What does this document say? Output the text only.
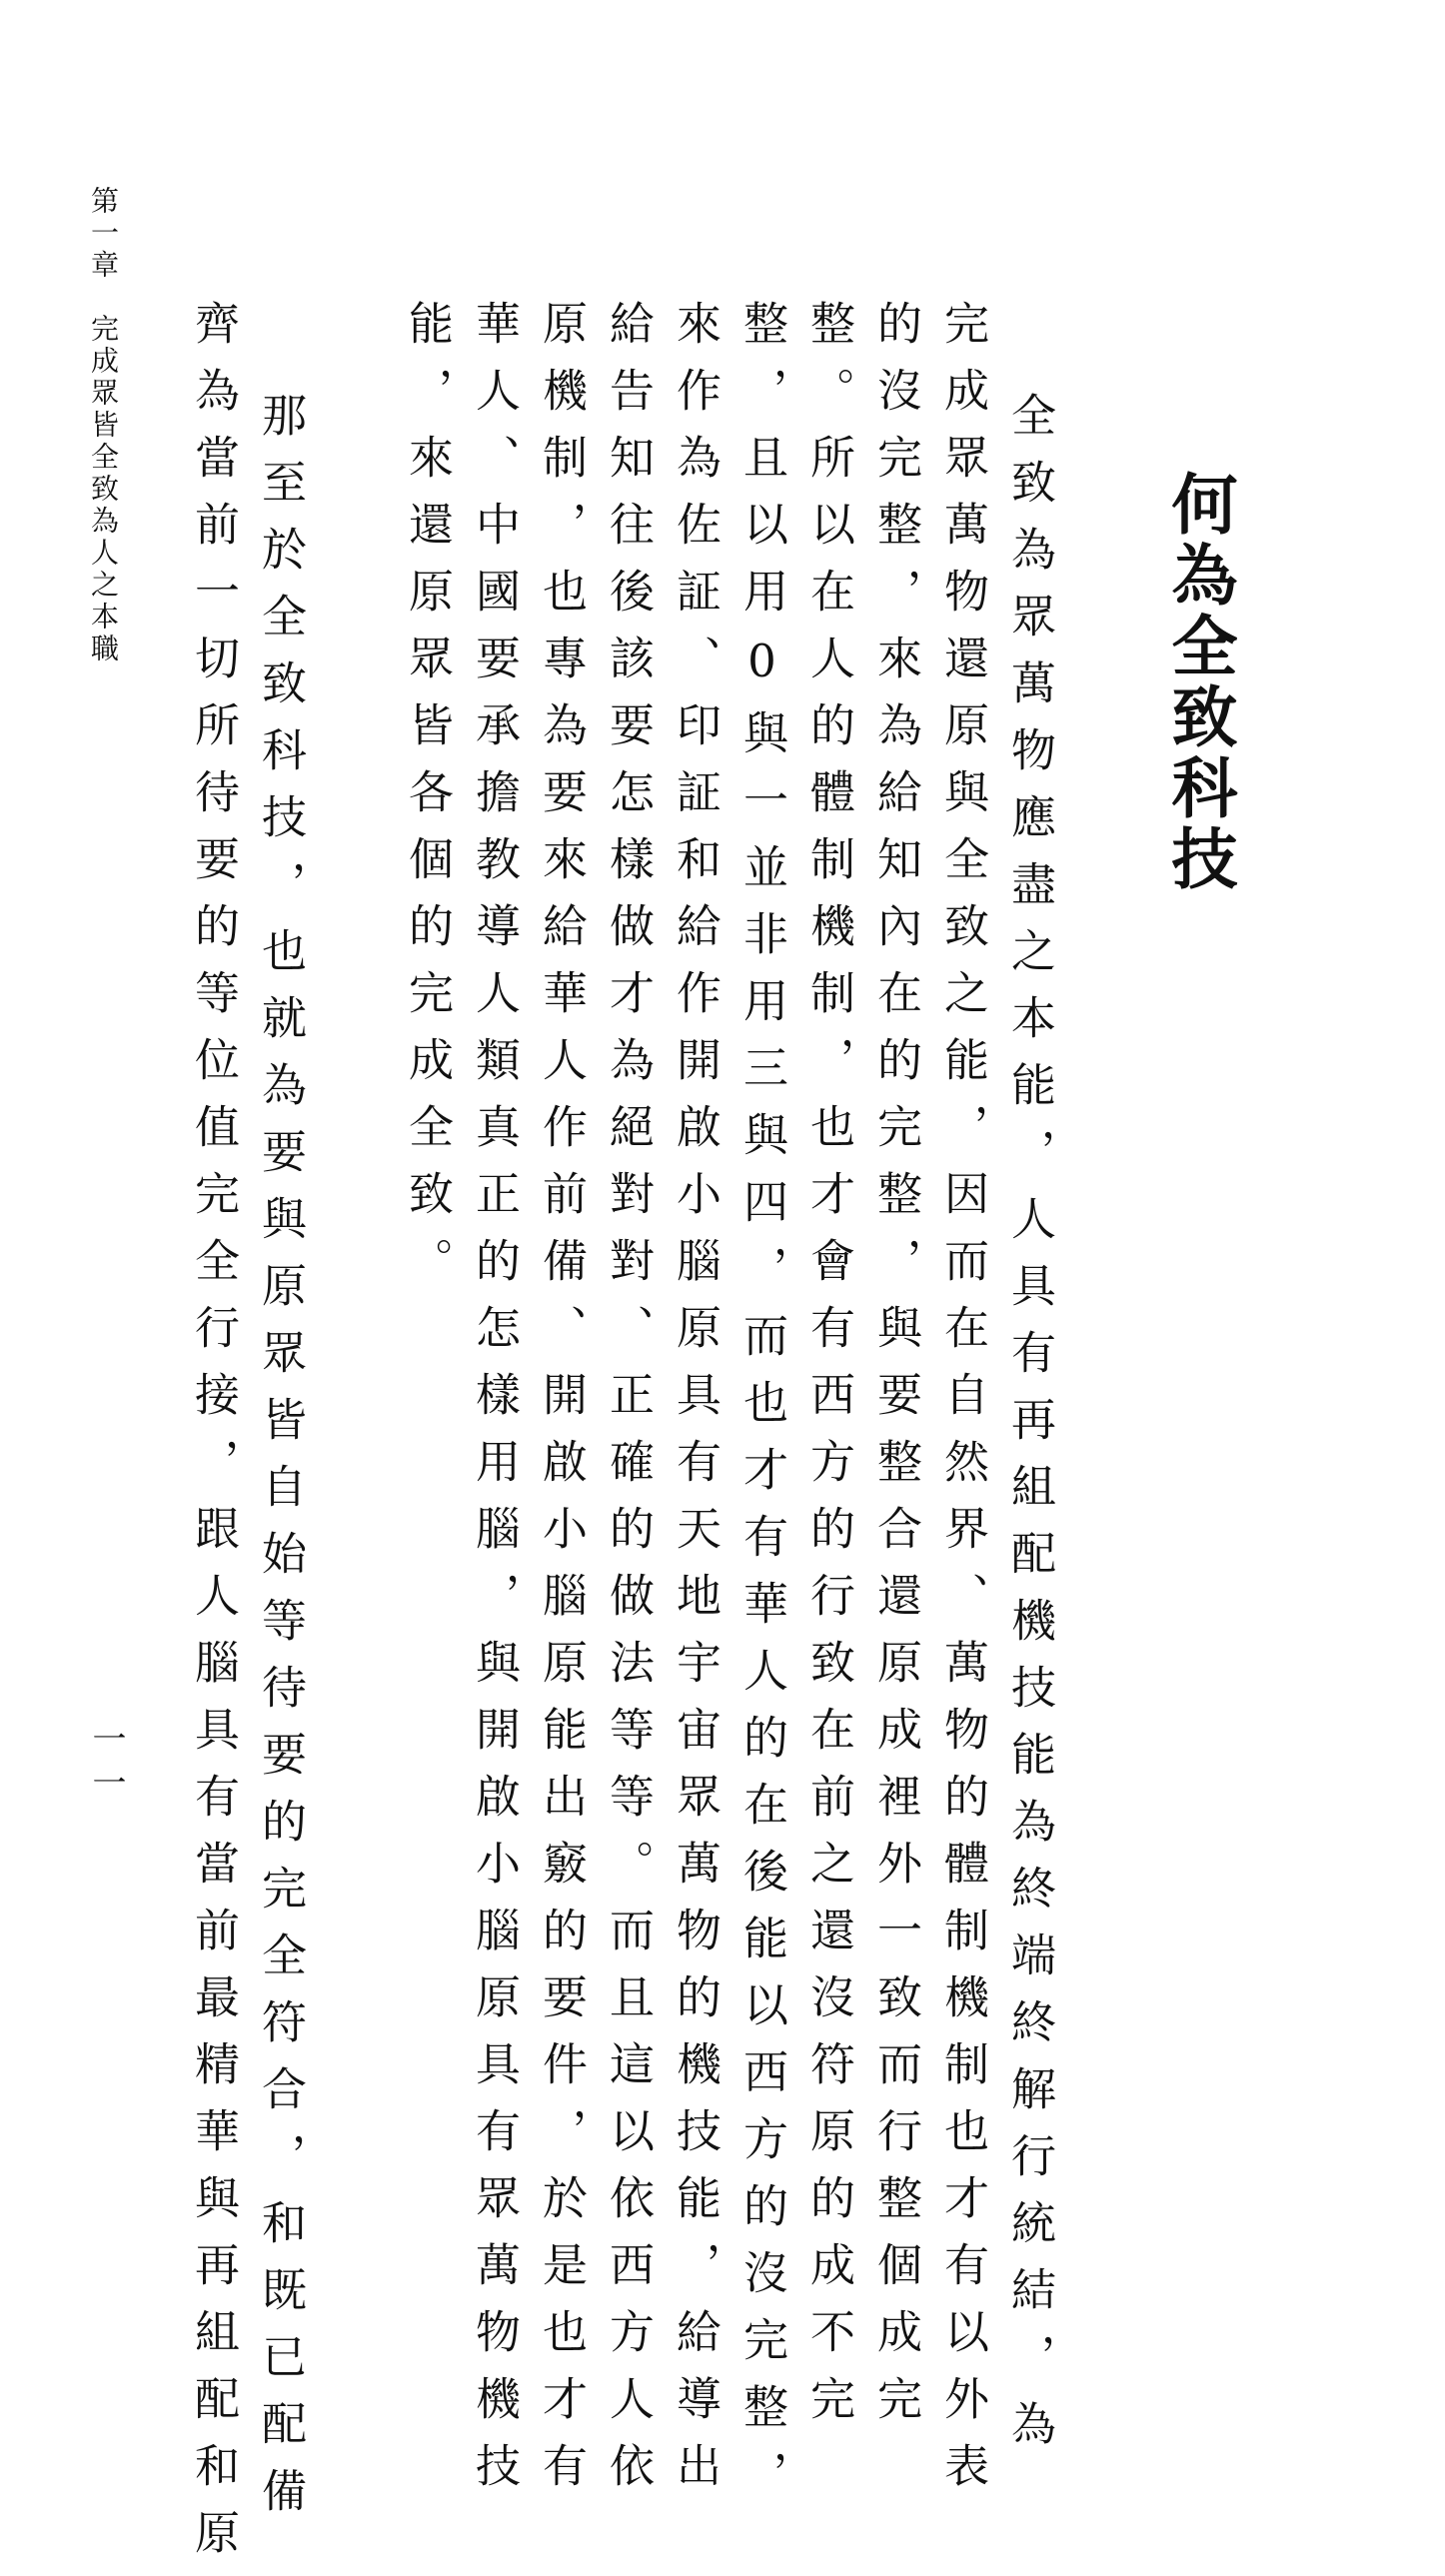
何為全致科技

全致為眾萬物應盡之本能，人具有再組配機技能為終端終解行統結，為

完成眾萬物還原與全致之能，因而在自然界、萬物的體制機制也才有以外表

的沒完整，來為給知內在的完整，與要整合還原成裡外一致而行整個成完

整。所以在人的體制機制，也才會有西方的行致在前之還沒符原的成不完

整，且以用0與一並非用三與四，而也才有華人的在後能以西方的沒完整，

來作為佐証、印証和給作開啟小腦原具有天地宇宙眾萬物的機技能，給導出

給告知往後該要怎樣做才為絕對對、正確的做法等等。而且這以依西方人依

原機制，也專為要來給華人作前備、開啟小腦原能出竅的要件，於是也才有

華人、中國要承擔教導人類真正的怎樣用腦，與開啟小腦原具有眾萬物機技

能，來還原眾皆各個的完成全致。

那至於全致科技，也就為要與原眾皆自始等待要的完全符合，和既已配備

齊為當前一切所待要的等位值完全行接，跟人腦具有當前最精華與再組配和原

第一章　完成眾皆全致為人之本職
一一
